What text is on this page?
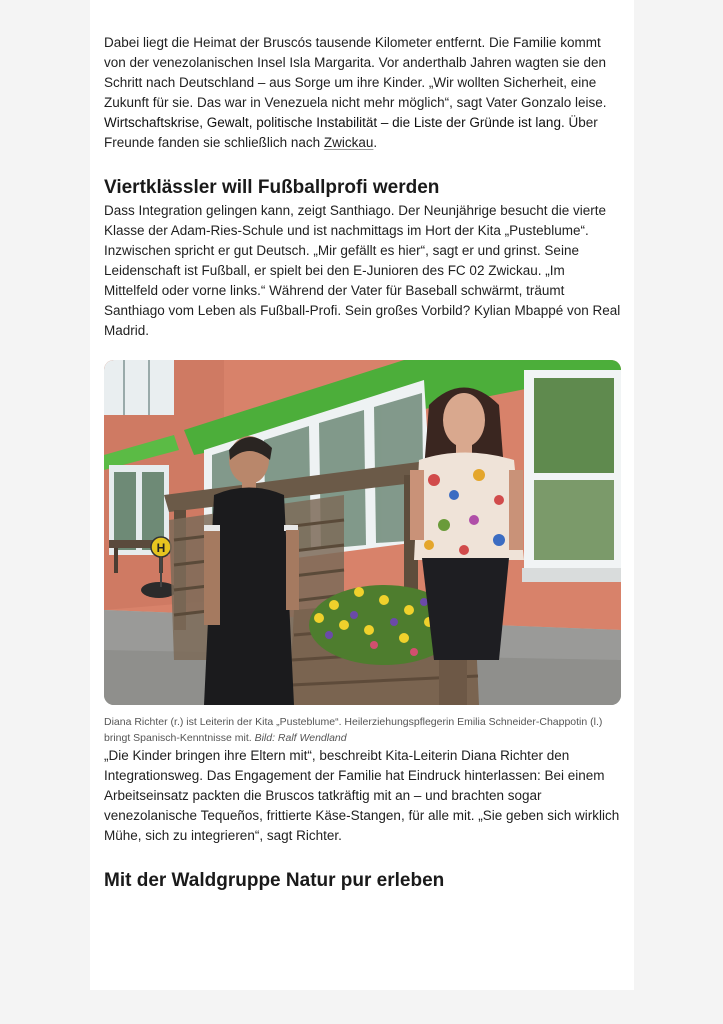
Dabei liegt die Heimat der Bruscós tausende Kilometer entfernt. Die Familie kommt von der venezolanischen Insel Isla Margarita. Vor anderthalb Jahren wagten sie den Schritt nach Deutschland – aus Sorge um ihre Kinder. „Wir wollten Sicherheit, eine Zukunft für sie. Das war in Venezuela nicht mehr möglich“, sagt Vater Gonzalo leise. Wirtschaftskrise, Gewalt, politische Instabilität – die Liste der Gründe ist lang. Über Freunde fanden sie schließlich nach Zwickau.

Viertklässler will Fußballprofi werden

Dass Integration gelingen kann, zeigt Santhiago. Der Neunjährige besucht die vierte Klasse der Adam-Ries-Schule und ist nachmittags im Hort der Kita „Pusteblume“. Inzwischen spricht er gut Deutsch. „Mir gefällt es hier“, sagt er und grinst. Seine Leidenschaft ist Fußball, er spielt bei den E-Junioren des FC 02 Zwickau. „Im Mittelfeld oder vorne links.“ Während der Vater für Baseball schwärmt, träumt Santhiago vom Leben als Fußball-Profi. Sein großes Vorbild? Kylian Mbappé von Real Madrid.

H
Diana Richter (r.) ist Leiterin der Kita „Pusteblume“. Heilerziehungspflegerin Emilia Schneider-Chappotin (l.) bringt Spanisch-Kenntnisse mit. Bild: Ralf Wendland

„Die Kinder bringen ihre Eltern mit“, beschreibt Kita-Leiterin Diana Richter den Integrationsweg. Das Engagement der Familie hat Eindruck hinterlassen: Bei einem Arbeitseinsatz packten die Bruscos tatkräftig mit an – und brachten sogar venezolanische Tequeños, frittierte Käse-Stangen, für alle mit. „Sie geben sich wirklich Mühe, sich zu integrieren“, sagt Richter.

Mit der Waldgruppe Natur pur erleben
